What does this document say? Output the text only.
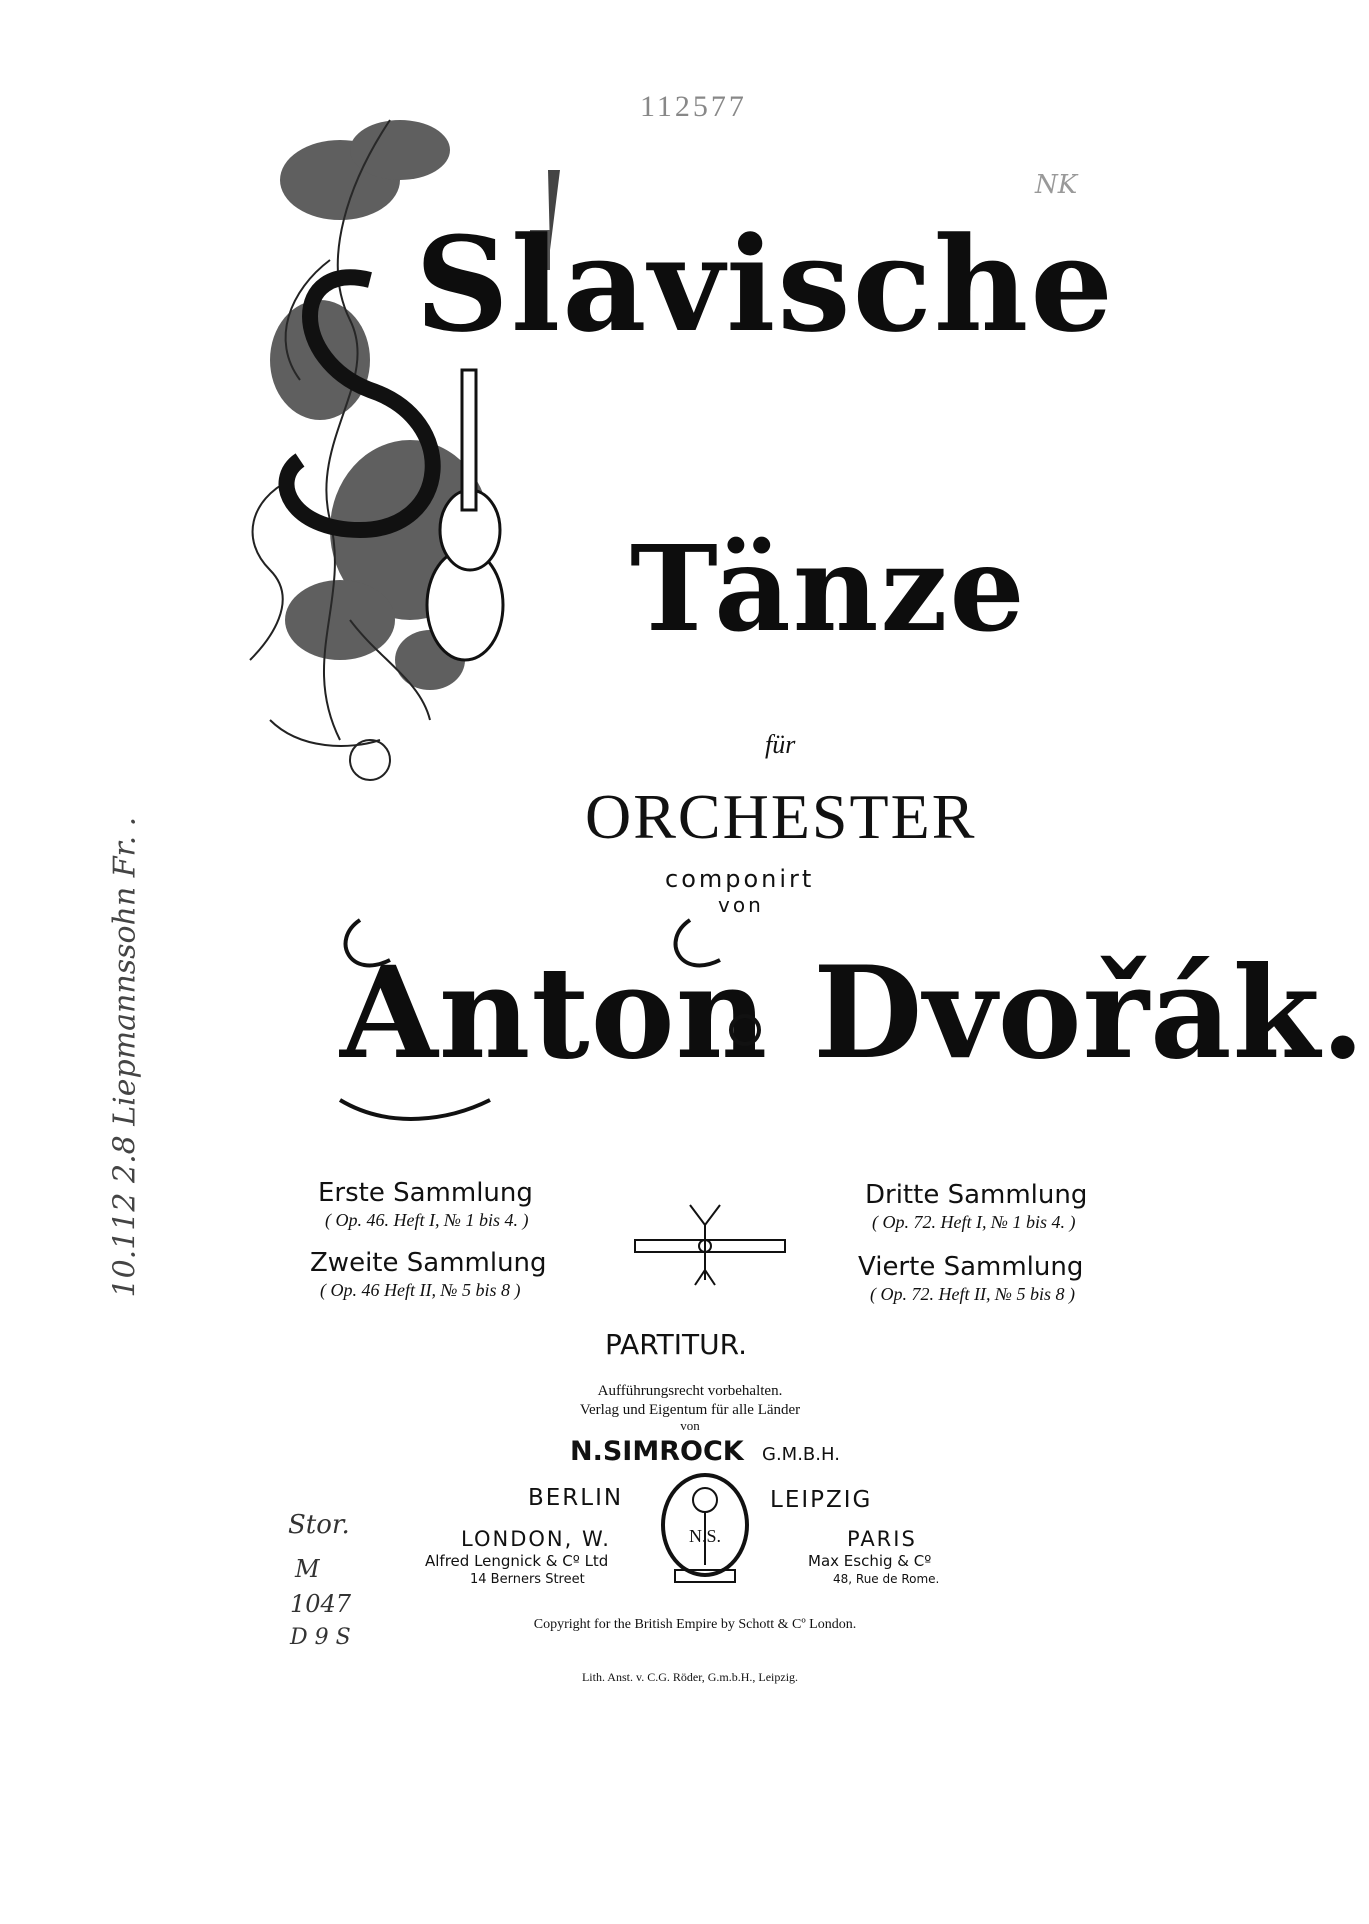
112577
NK
Slavische
Tänze
für
ORCHESTER
componirt
von
Anton Dvořák.
Erste Sammlung
( Op. 46. Heft I, № 1 bis 4. )
Zweite Sammlung
( Op. 46 Heft II, № 5 bis 8 )
Dritte Sammlung
( Op. 72. Heft I, № 1 bis 4. )
Vierte Sammlung
( Op. 72. Heft II, № 5 bis 8 )
PARTITUR.
Aufführungsrecht vorbehalten.
Verlag und Eigentum für alle Länder
von
N.SIMROCK G.M.B.H.
BERLIN	LEIPZIG
N.S.
LONDON, W.
Alfred Lengnick & Cº Ltd
14 Berners Street
PARIS
Max Eschig & Cº
48, Rue de Rome.
Copyright for the British Empire by Schott & Cº London.
Lith. Anst. v. C.G. Röder, G.m.b.H., Leipzig.
10.112 2.8 Liepmannssohn Fr. .
Stor.
M
1047
D 9 S
